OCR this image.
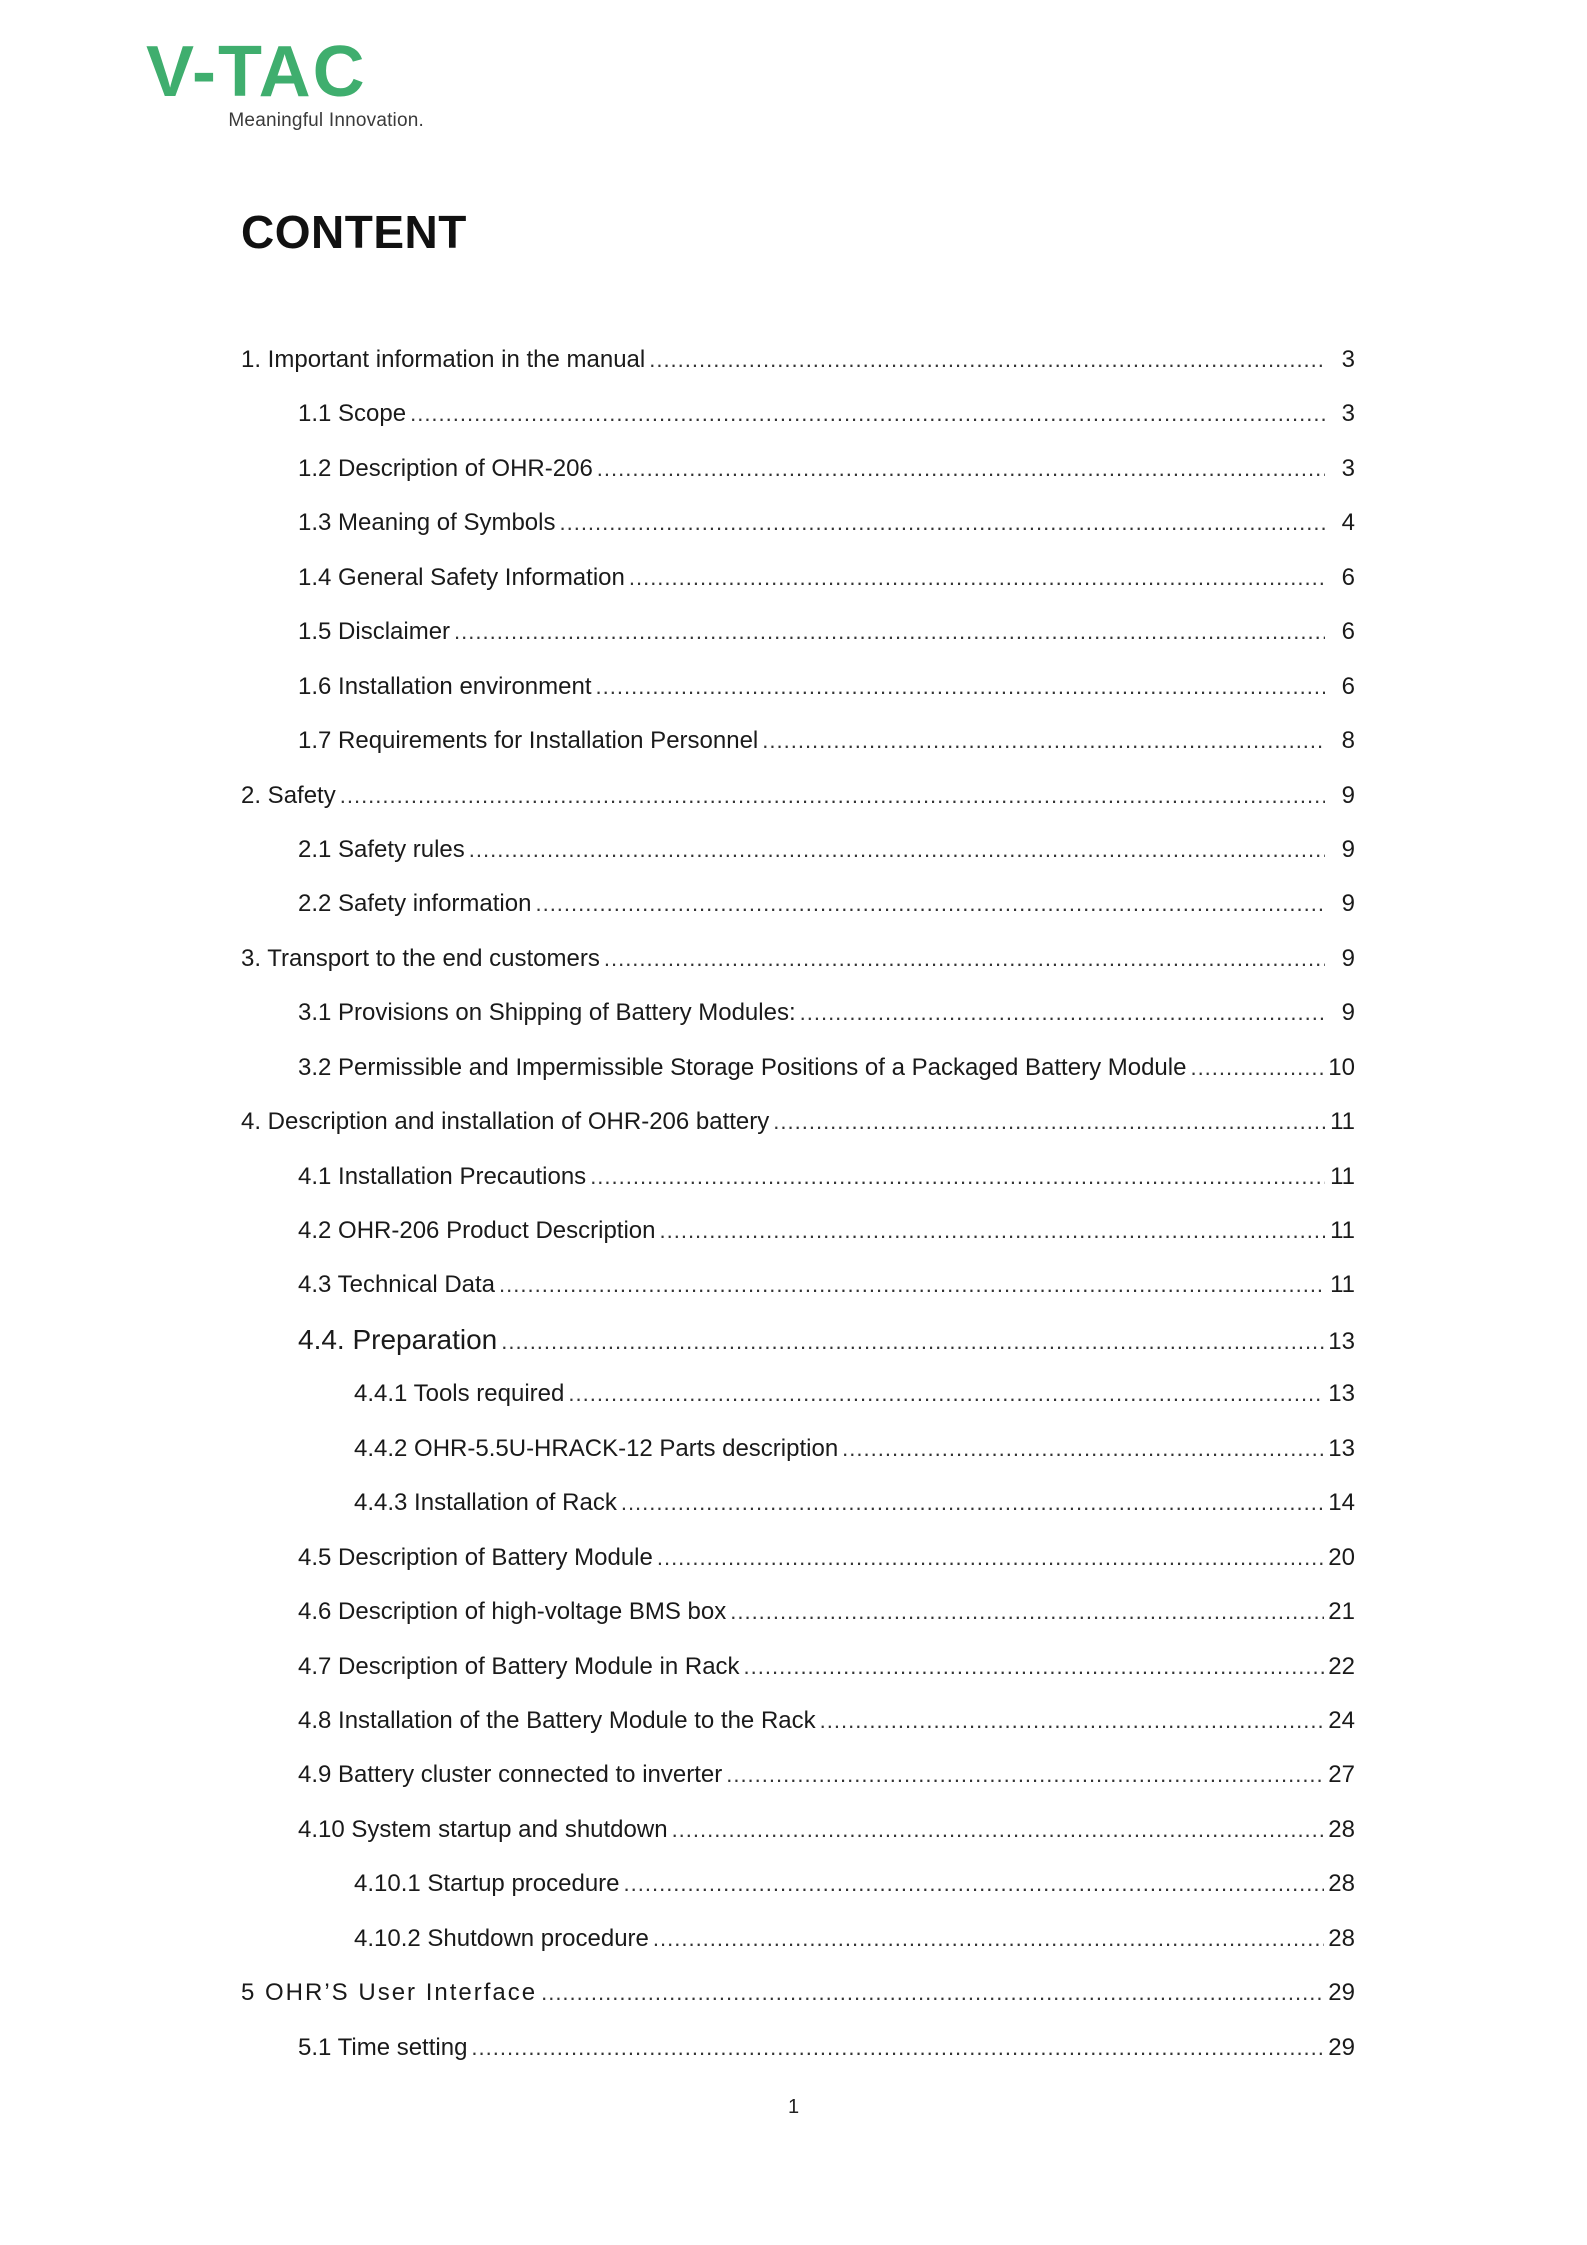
V-TAC
Meaningful Innovation.
CONTENT
1. Important information in the manual .....	3
1.1 Scope .....	3
1.2 Description of OHR-206 .....	3
1.3 Meaning of Symbols .....	4
1.4 General Safety Information .....	6
1.5 Disclaimer .....	6
1.6 Installation environment .....	6
1.7 Requirements for Installation Personnel .....	8
2. Safety .....	9
2.1 Safety rules .....	9
2.2 Safety information .....	9
3. Transport to the end customers .....	9
3.1 Provisions on Shipping of Battery Modules: .....	9
3.2 Permissible and Impermissible Storage Positions of a Packaged Battery Module .....	10
4. Description and installation of OHR-206 battery .....	11
4.1 Installation Precautions .....	11
4.2 OHR-206 Product Description .....	11
4.3 Technical Data .....	11
4.4. Preparation .....	13
4.4.1 Tools required .....	13
4.4.2 OHR-5.5U-HRACK-12 Parts description .....	13
4.4.3 Installation of Rack .....	14
4.5 Description of Battery Module .....	20
4.6 Description of high-voltage BMS box .....	21
4.7 Description of Battery Module in Rack .....	22
4.8 Installation of the Battery Module to the Rack .....	24
4.9 Battery cluster connected to inverter .....	27
4.10 System startup and shutdown .....	28
4.10.1 Startup procedure .....	28
4.10.2 Shutdown procedure .....	28
5 OHR’S User Interface .....	29
5.1 Time setting .....	29
1
